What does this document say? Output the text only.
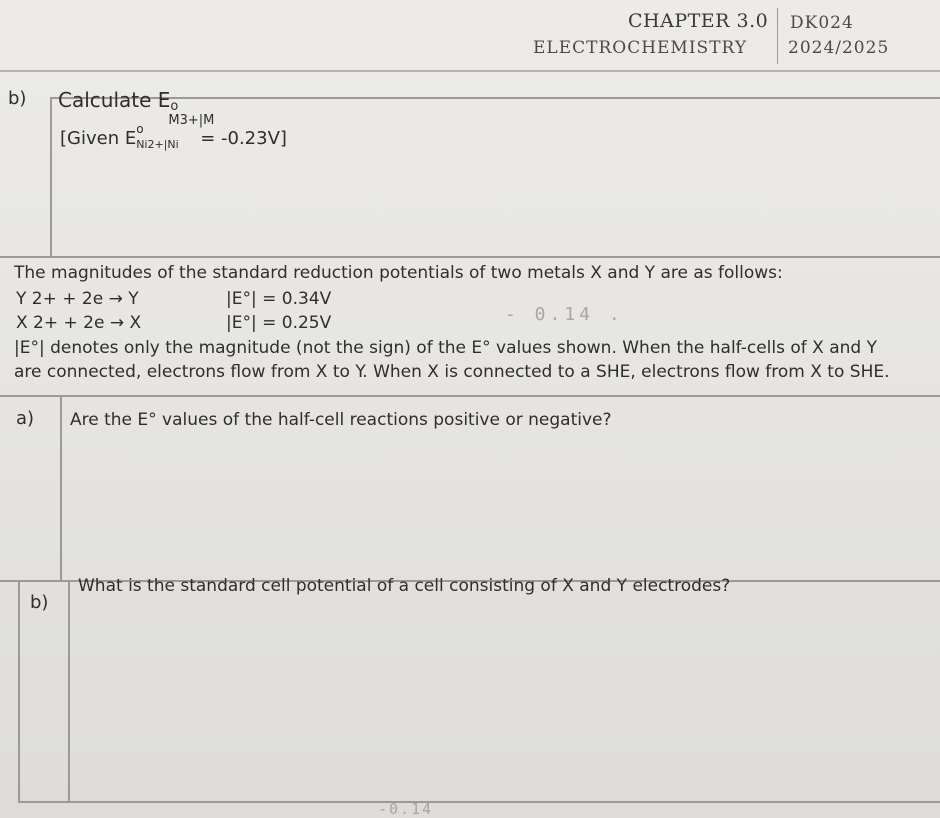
CHAPTER 3.0 DK024
ELECTROCHEMISTRY 2024/2025
b) Calculate E o
M3+|M
[Given E o
Ni2+|Ni = -0.23V]
The magnitudes of the standard reduction potentials of two metals X and Y are as follows:
Y 2+ + 2e → Y	|E°| = 0.34V
X 2+ + 2e → X	|E°| = 0.25V	- 0.14 .
|E°| denotes only the magnitude (not the sign) of the E° values shown. When the half-cells of X and Y
are connected, electrons flow from X to Y. When X is connected to a SHE, electrons flow from X to SHE.
a) Are the E° values of the half-cell reactions positive or negative?
b)
What is the standard cell potential of a cell consisting of X and Y electrodes?
-0.14
